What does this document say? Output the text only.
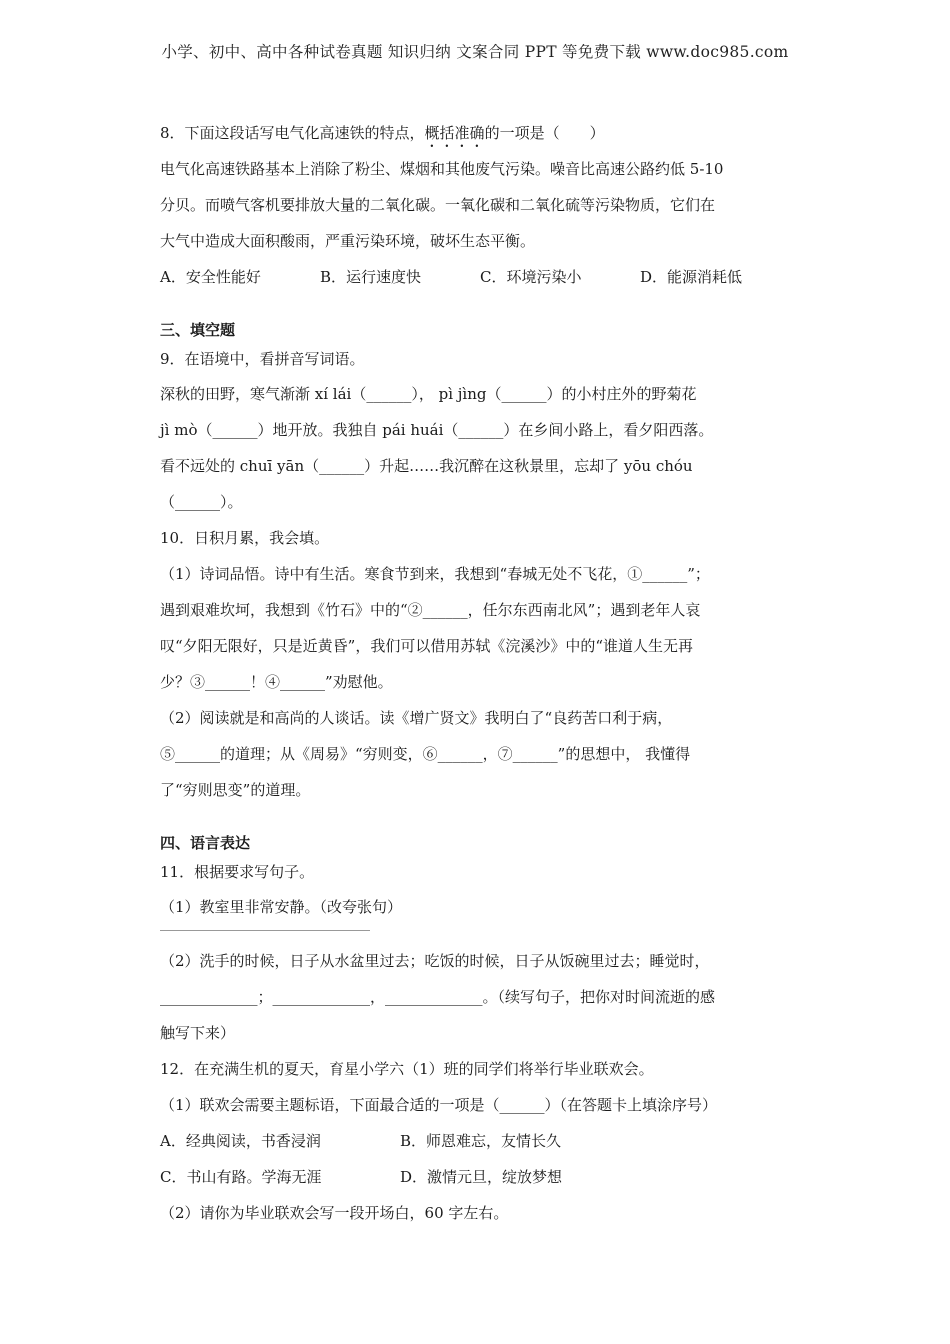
小学、初中、高中各种试卷真题 知识归纳 文案合同 PPT 等免费下载 www.doc985.com
8．下面这段话写电气化高速铁的特点，概括准确的一项是（　　）
电气化高速铁路基本上消除了粉尘、煤烟和其他废气污染。噪音比高速公路约低 5-10
分贝。而喷气客机要排放大量的二氧化碳。一氧化碳和二氧化硫等污染物质，它们在
大气中造成大面积酸雨，严重污染环境，破坏生态平衡。
A．安全性能好	B．运行速度快	C．环境污染小	D．能源消耗低
三、填空题
9．在语境中，看拼音写词语。
深秋的田野，寒气渐渐 xí lái（______）， pì jìng（______）的小村庄外的野菊花
jì mò（______）地开放。我独自 pái huái（______）在乡间小路上，看夕阳西落。
看不远处的 chuī yān（______）升起……我沉醉在这秋景里，忘却了 yōu chóu
（______）。
10．日积月累，我会填。
（1）诗词品悟。诗中有生活。寒食节到来，我想到“春城无处不飞花，①______”；
遇到艰难坎坷，我想到《竹石》中的“②______，任尔东西南北风”；遇到老年人哀
叹“夕阳无限好，只是近黄昏”，我们可以借用苏轼《浣溪沙》中的“谁道人生无再
少？③______！④______”劝慰他。
（2）阅读就是和高尚的人谈话。读《增广贤文》我明白了“良药苦口利于病，
⑤______的道理；从《周易》“穷则变，⑥______，⑦______”的思想中， 我懂得
了“穷则思变”的道理。
四、语言表达
11．根据要求写句子。
（1）教室里非常安静。（改夸张句）
（2）洗手的时候，日子从水盆里过去；吃饭的时候，日子从饭碗里过去；睡觉时，
_____________；_____________，_____________。（续写句子，把你对时间流逝的感
触写下来）
12．在充满生机的夏天，育星小学六（1）班的同学们将举行毕业联欢会。
（1）联欢会需要主题标语，下面最合适的一项是（______）（在答题卡上填涂序号）
A．经典阅读，书香浸润	B．师恩难忘，友情长久
C．书山有路。学海无涯	D．激情元旦，绽放梦想
（2）请你为毕业联欢会写一段开场白，60 字左右。
